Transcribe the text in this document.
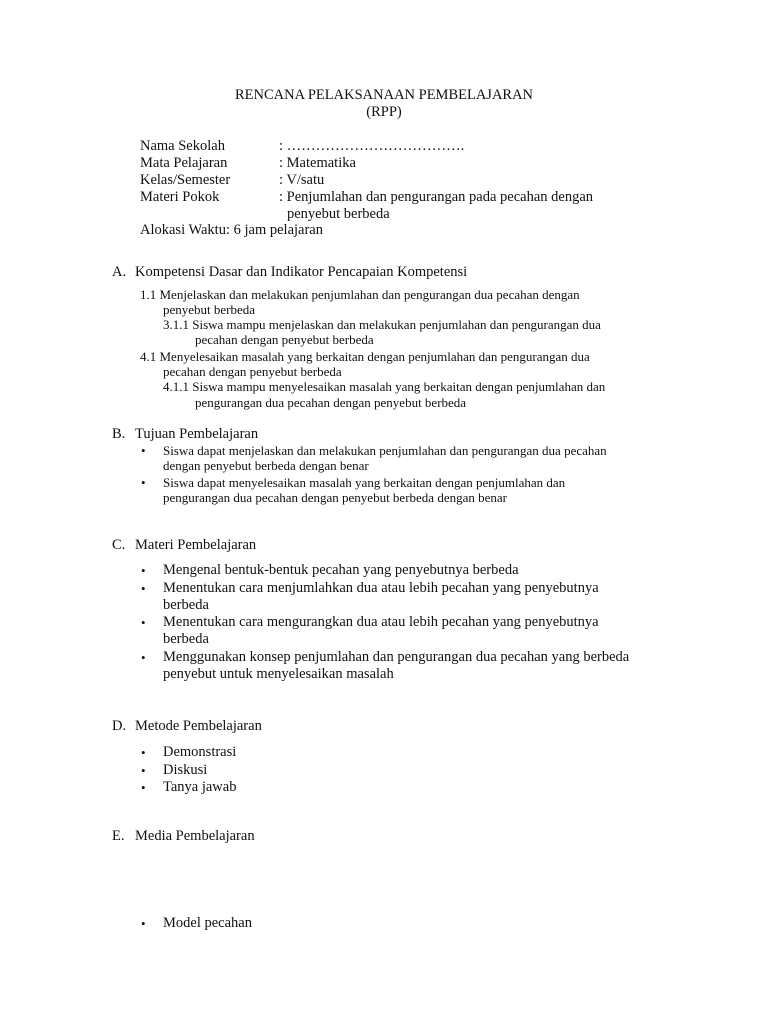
RENCANA PELAKSANAAN PEMBELAJARAN
(RPP)
Nama Sekolah	: ……………………………….
Mata Pelajaran	: Matematika
Kelas/Semester	: V/satu
Materi Pokok	: Penjumlahan dan pengurangan pada pecahan dengan
penyebut berbeda
Alokasi Waktu: 6 jam pelajaran
A. Kompetensi Dasar dan Indikator Pencapaian Kompetensi
1.1 Menjelaskan dan melakukan penjumlahan dan pengurangan dua pecahan dengan
penyebut berbeda
3.1.1 Siswa mampu menjelaskan dan melakukan penjumlahan dan pengurangan dua
pecahan dengan penyebut berbeda
4.1 Menyelesaikan masalah yang berkaitan dengan penjumlahan dan pengurangan dua
pecahan dengan penyebut berbeda
4.1.1 Siswa mampu menyelesaikan masalah yang berkaitan dengan penjumlahan dan
pengurangan dua pecahan dengan penyebut berbeda
B. Tujuan Pembelajaran
• Siswa dapat menjelaskan dan melakukan penjumlahan dan pengurangan dua pecahan
dengan penyebut berbeda dengan benar
• Siswa dapat menyelesaikan masalah yang berkaitan dengan penjumlahan dan
pengurangan dua pecahan dengan penyebut berbeda dengan benar
C. Materi Pembelajaran
• Mengenal bentuk-bentuk pecahan yang penyebutnya berbeda
• Menentukan cara menjumlahkan dua atau lebih pecahan yang penyebutnya
berbeda
• Menentukan cara mengurangkan dua atau lebih pecahan yang penyebutnya
berbeda
• Menggunakan konsep penjumlahan dan pengurangan dua pecahan yang berbeda
penyebut untuk menyelesaikan masalah
D. Metode Pembelajaran
• Demonstrasi
• Diskusi
• Tanya jawab
E. Media Pembelajaran
• Model pecahan
